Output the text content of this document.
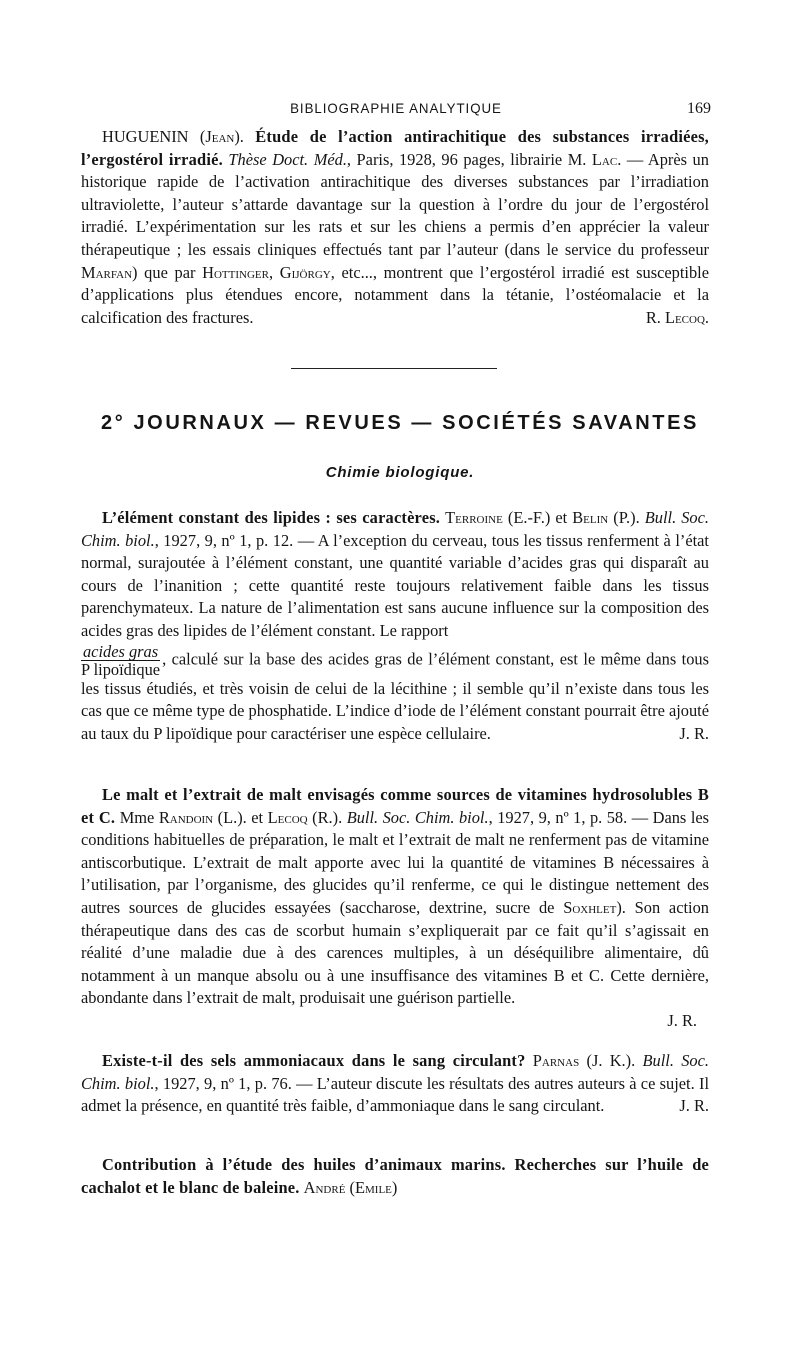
BIBLIOGRAPHIE ANALYTIQUE	169

HUGUENIN (Jean). Étude de l’action antirachitique des substances irradiées, l’ergostérol irradié. Thèse Doct. Méd., Paris, 1928, 96 pages, librairie M. Lac. — Après un historique rapide de l’activation antirachitique des diverses substances par l’irradiation ultraviolette, l’auteur s’attarde davantage sur la question à l’ordre du jour de l’ergostérol irradié. L’expérimentation sur les rats et sur les chiens a permis d’en apprécier la valeur thérapeutique ; les essais cliniques effectués tant par l’auteur (dans le service du professeur Marfan) que par Hottinger, Gijörgy, etc..., montrent que l’ergostérol irradié est susceptible d’applications plus étendues encore, notamment dans la tétanie, l’ostéomalacie et la calcification des fractures.	R. Lecoq.

2° JOURNAUX — REVUES — SOCIÉTÉS SAVANTES
Chimie biologique.

L’élément constant des lipides : ses caractères. Terroine (E.-F.) et Belin (P.). Bull. Soc. Chim. biol., 1927, 9, nº 1, p. 12. — A l’exception du cerveau, tous les tissus renferment à l’état normal, surajoutée à l’élément constant, une quantité variable d’acides gras qui disparaît au cours de l’inanition ; cette quantité reste toujours relativement faible dans les tissus parenchymateux. La nature de l’alimentation est sans aucune influence sur la composition des acides gras des lipides de l’élément constant. Le rapport

$\frac{\text{acides gras}}{\text{P lipoïdique}}$ , calculé sur la base des acides gras de l’élément constant, est le même dans tous les tissus étudiés, et très voisin de celui de la lécithine ; il semble qu’il n’existe dans tous les cas que ce même type de phosphatide. L’indice d’iode de l’élément constant pourrait être ajouté au taux du P lipoïdique pour caractériser une espèce cellulaire.	J. R.

Le malt et l’extrait de malt envisagés comme sources de vitamines hydrosolubles B et C. Mme Randoin (L.). et Lecoq (R.). Bull. Soc. Chim. biol., 1927, 9, nº 1, p. 58. — Dans les conditions habituelles de préparation, le malt et l’extrait de malt ne renferment pas de vitamine antiscorbutique. L’extrait de malt apporte avec lui la quantité de vitamines B nécessaires à l’utilisation, par l’organisme, des glucides qu’il renferme, ce qui le distingue nettement des autres sources de glucides essayées (saccharose, dextrine, sucre de Soxhlet). Son action thérapeutique dans des cas de scorbut humain s’expliquerait par ce fait qu’il s’agissait en réalité d’une maladie due à des carences multiples, à un déséquilibre alimentaire, dû notamment à un manque absolu ou à une insuffisance des vitamines B et C. Cette dernière, abondante dans l’extrait de malt, produisait une guérison partielle.

J. R.

Existe-t-il des sels ammoniacaux dans le sang circulant? Parnas (J. K.). Bull. Soc. Chim. biol., 1927, 9, nº 1, p. 76. — L’auteur discute les résultats des autres auteurs à ce sujet. Il admet la présence, en quantité très faible, d’ammoniaque dans le sang circulant.	J. R.

Contribution à l’étude des huiles d’animaux marins. Recherches sur l’huile de cachalot et le blanc de baleine. André (Emile)
